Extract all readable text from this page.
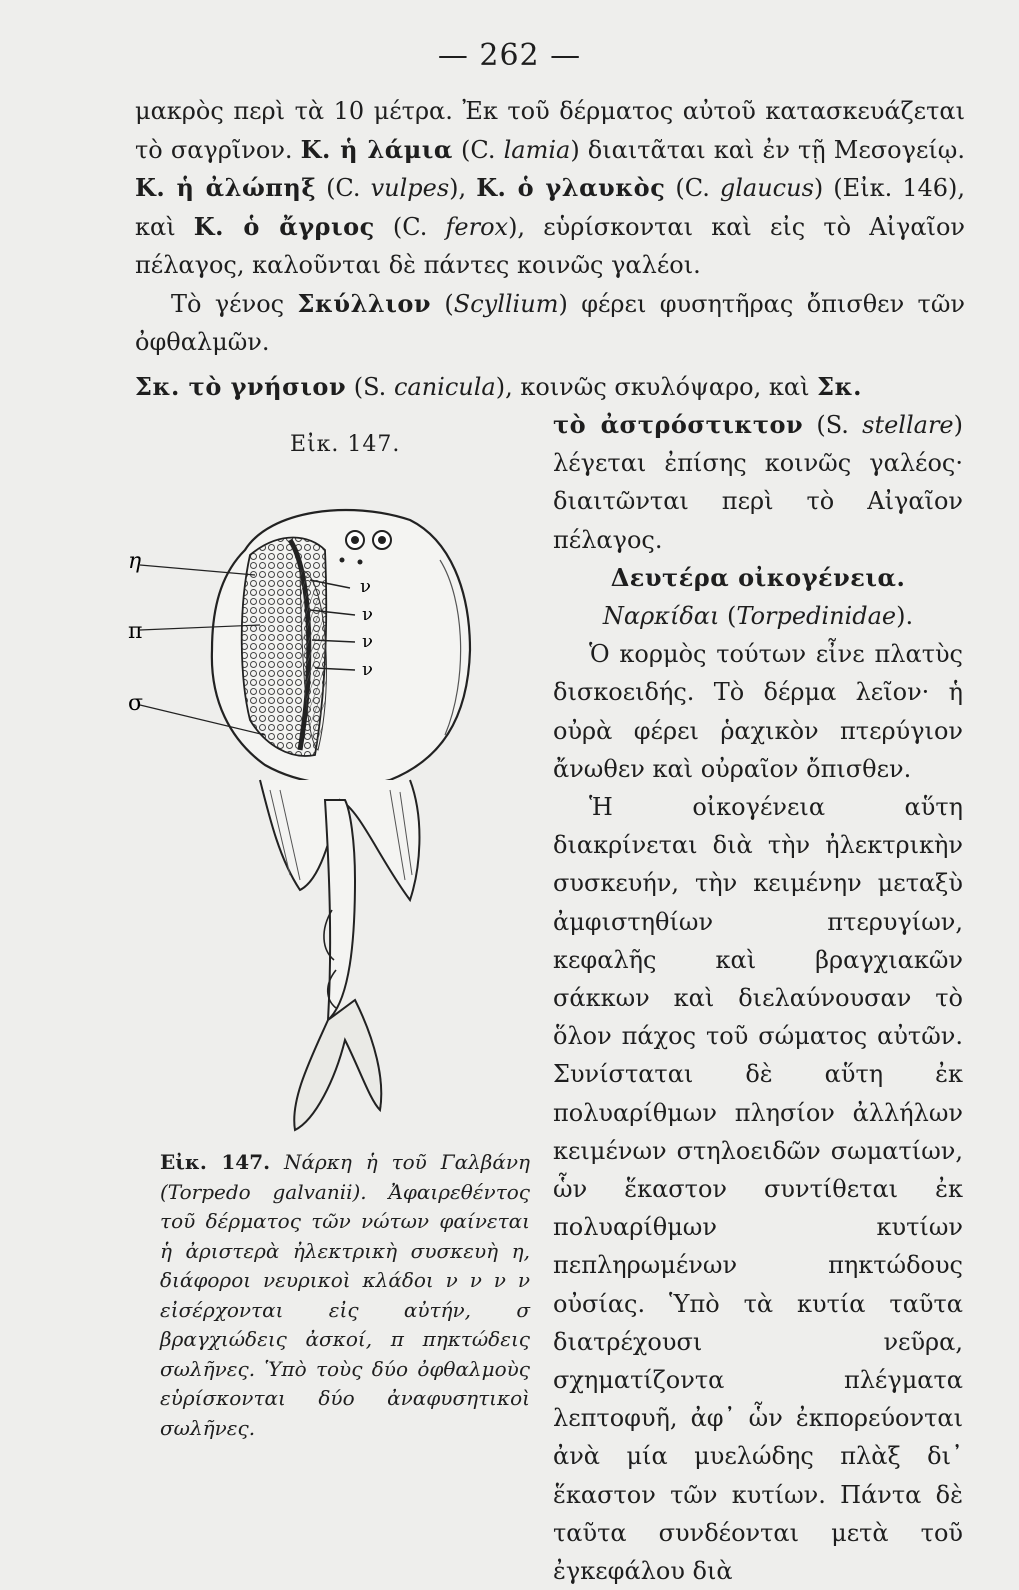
— 262 —

μακρὸς περὶ τὰ 10 μέτρα. Ἐκ τοῦ δέρματος αὐτοῦ κατασκευάζεται τὸ σαγρῖνον. Κ. ἡ λάμια (C. lamia) διαιτᾶται καὶ ἐν τῇ Μεσογείῳ. Κ. ἡ ἀλώπηξ (C. vulpes), Κ. ὁ γλαυκὸς (C. glaucus) (Εἰκ. 146), καὶ Κ. ὁ ἄγριος (C. ferox), εὑρίσκονται καὶ εἰς τὸ Αἰγαῖον πέλαγος, καλοῦνται δὲ πάντες κοινῶς γαλέοι.

Τὸ γένος Σκύλλιον (Scyllium) φέρει φυσητῆρας ὄπισθεν τῶν ὀφθαλμῶν.

Σκ. τὸ γνήσιον (S. canicula), κοινῶς σκυλόψαρο, καὶ Σκ.

Εἰκ. 147.
η
π
σ
ν
ν
ν
ν

τὸ ἀστρόστικτον (S. stellare) λέγεται ἐπίσης κοινῶς γαλέος· διαιτῶνται περὶ τὸ Αἰγαῖον πέλαγος.

Δευτέρα οἰκογένεια. Ναρκίδαι (Torpedinidae).

Ὁ κορμὸς τούτων εἶνε πλατὺς δισκοειδής. Τὸ δέρμα λεῖον· ἡ οὐρὰ φέρει ῥαχικὸν πτερύγιον ἄνωθεν καὶ οὐραῖον ὄπισθεν.

Ἡ οἰκογένεια αὕτη διακρίνεται διὰ τὴν ἠλεκτρικὴν συσκευήν, τὴν κειμένην μεταξὺ ἀμφιστηθίων πτερυγίων, κεφαλῆς καὶ βραγχιακῶν σάκκων καὶ διελαύνουσαν τὸ ὅλον πάχος τοῦ σώματος αὐτῶν. Συνίσταται δὲ αὕτη ἐκ πολυαρίθμων πλησίον ἀλλήλων κειμένων στηλοειδῶν σωματίων, ὧν ἕκαστον συντίθεται ἐκ πολυαρίθμων κυτίων πεπληρωμένων πηκτώδους οὐσίας. Ὑπὸ τὰ κυτία ταῦτα διατρέχουσι νεῦρα, σχηματίζοντα πλέγματα λεπτοφυῆ, ἀφ᾽ ὧν ἐκπορεύονται ἀνὰ μία μυελώδης πλὰξ δι᾽ ἕκαστον τῶν κυτίων. Πάντα δὲ ταῦτα συνδέονται μετὰ τοῦ ἐγκεφάλου διὰ

Εἰκ. 147. Νάρκη ἡ τοῦ Γαλβάνη (Torpedo galvanii). Ἀφαιρεθέντος τοῦ δέρματος τῶν νώτων φαίνεται ἡ ἀριστερὰ ἠλεκτρικὴ συσκευὴ η, διάφοροι νευρικοὶ κλάδοι ν ν ν ν εἰσέρχονται εἰς αὐτήν, σ βραγχιώδεις ἀσκοί, π πηκτώδεις σωλῆνες. Ὑπὸ τοὺς δύο ὀφθαλμοὺς εὑρίσκονται δύο ἀναφυσητικοὶ σωλῆνες.
